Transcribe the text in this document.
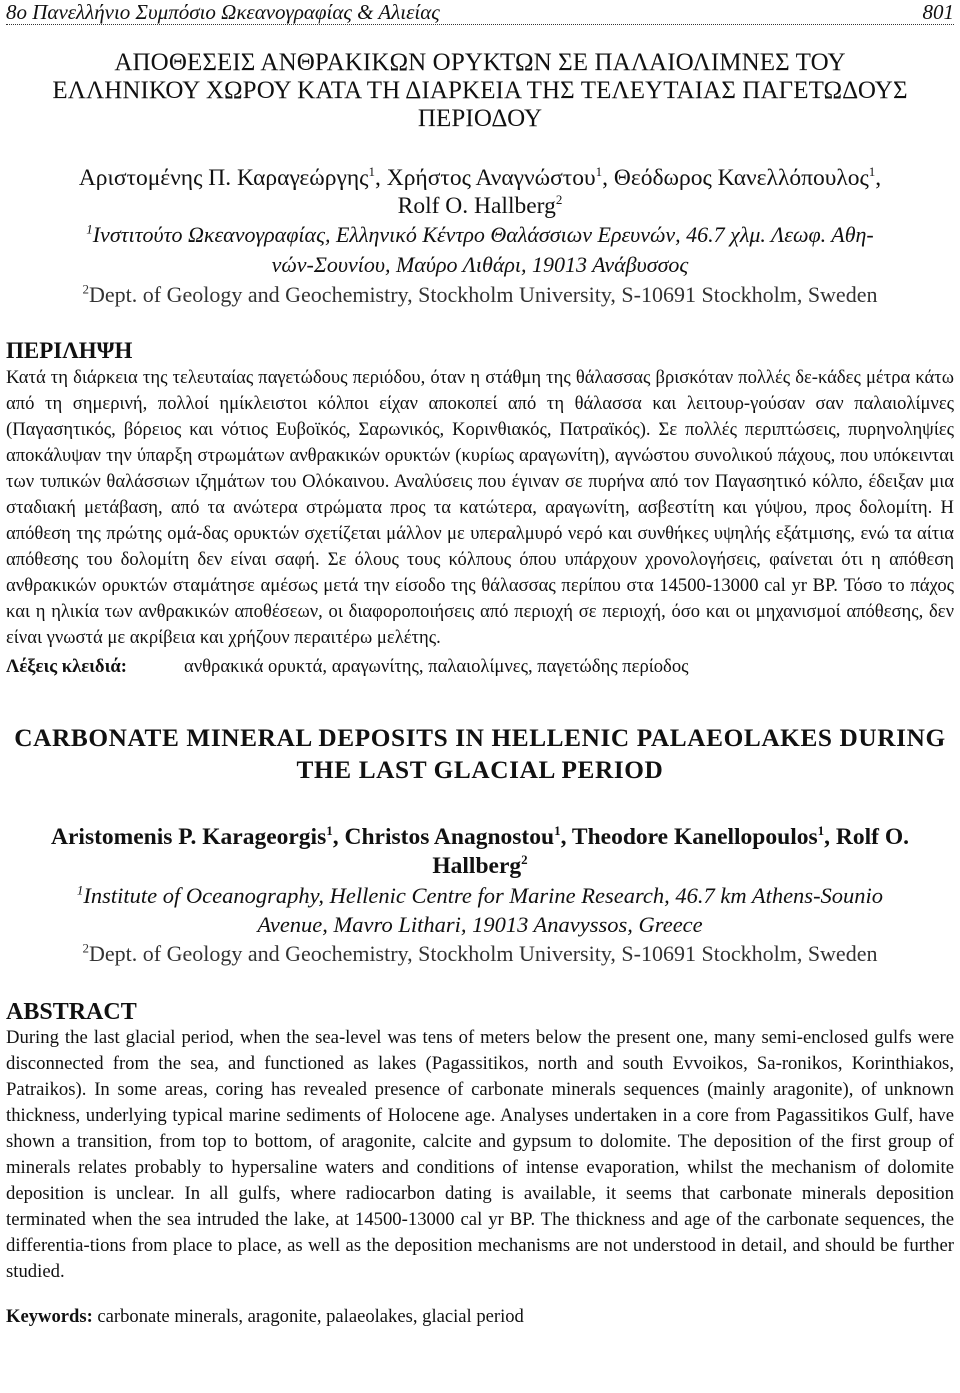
8ο Πανελλήνιο Συμπόσιο Ωκεανογραφίας & Αλιείας	801
ΑΠΟΘΕΣΕΙΣ ΑΝΘΡΑΚΙΚΩΝ ΟΡΥΚΤΩΝ ΣΕ ΠΑΛΑΙΟΛΙΜΝΕΣ ΤΟΥ
ΕΛΛΗΝΙΚΟΥ ΧΩΡΟΥ ΚΑΤΑ ΤΗ ΔΙΑΡΚΕΙΑ ΤΗΣ ΤΕΛΕΥΤΑΙΑΣ ΠΑΓΕΤΩΔΟΥΣ
ΠΕΡΙΟΔΟΥ
Αριστομένης Π. Καραγεώργης$^1$, Χρήστος Αναγνώστου$^1$, Θεόδωρος Κανελλόπουλος$^1$,
Rolf O. Hallberg$^2$
$^1$Ινστιτούτο Ωκεανογραφίας, Ελληνικό Κέντρο Θαλάσσιων Ερευνών, 46.7 χλμ. Λεωφ. Αθη-
νών-Σουνίου, Μαύρο Λιθάρι, 19013 Ανάβυσσος
$^2$Dept. of Geology and Geochemistry, Stockholm University, S-10691 Stockholm, Sweden
ΠΕΡΙΛΗΨΗ

Κατά τη διάρκεια της τελευταίας παγετώδους περιόδου, όταν η στάθμη της θάλασσας βρισκόταν πολλές δε-κάδες μέτρα κάτω από τη σημερινή, πολλοί ημίκλειστοι κόλποι είχαν αποκοπεί από τη θάλασσα και λειτουρ-γούσαν σαν παλαιολίμνες (Παγασητικός, βόρειος και νότιος Ευβοϊκός, Σαρωνικός, Κορινθιακός, Πατραϊκός). Σε πολλές περιπτώσεις, πυρηνοληψίες αποκάλυψαν την ύπαρξη στρωμάτων ανθρακικών ορυκτών (κυρίως αραγωνίτη), αγνώστου συνολικού πάχους, που υπόκεινται των τυπικών θαλάσσιων ιζημάτων του Ολόκαινου. Αναλύσεις που έγιναν σε πυρήνα από τον Παγασητικό κόλπο, έδειξαν μια σταδιακή μετάβαση, από τα ανώτερα στρώματα προς τα κατώτερα, αραγωνίτη, ασβεστίτη και γύψου, προς δολομίτη. Η απόθεση της πρώτης ομά-δας ορυκτών σχετίζεται μάλλον με υπεραλμυρό νερό και συνθήκες υψηλής εξάτμισης, ενώ τα αίτια απόθεσης του δολομίτη δεν είναι σαφή. Σε όλους τους κόλπους όπου υπάρχουν χρονολογήσεις, φαίνεται ότι η απόθεση ανθρακικών ορυκτών σταμάτησε αμέσως μετά την είσοδο της θάλασσας περίπου στα 14500-13000 cal yr BP. Τόσο το πάχος και η ηλικία των ανθρακικών αποθέσεων, οι διαφοροποιήσεις από περιοχή σε περιοχή, όσο και οι μηχανισμοί απόθεσης, δεν είναι γνωστά με ακρίβεια και χρήζουν περαιτέρω μελέτης.

Λέξεις κλειδιά:	ανθρακικά ορυκτά, αραγωνίτης, παλαιολίμνες, παγετώδης περίοδος
CARBONATE MINERAL DEPOSITS IN HELLENIC PALAEOLAKES DURING
THE LAST GLACIAL PERIOD
Aristomenis P. Karageorgis$^1$, Christos Anagnostou$^1$, Theodore Kanellopoulos$^1$, Rolf O.
Hallberg$^2$
$^1$Institute of Oceanography, Hellenic Centre for Marine Research, 46.7 km Athens-Sounio
Avenue, Mavro Lithari, 19013 Anavyssos, Greece
$^2$Dept. of Geology and Geochemistry, Stockholm University, S-10691 Stockholm, Sweden
ABSTRACT

During the last glacial period, when the sea-level was tens of meters below the present one, many semi-enclosed gulfs were disconnected from the sea, and functioned as lakes (Pagassitikos, north and south Evvoikos, Sa-ronikos, Korinthiakos, Patraikos). In some areas, coring has revealed presence of carbonate minerals sequences (mainly aragonite), of unknown thickness, underlying typical marine sediments of Holocene age. Analyses undertaken in a core from Pagassitikos Gulf, have shown a transition, from top to bottom, of aragonite, calcite and gypsum to dolomite. The deposition of the first group of minerals relates probably to hypersaline waters and conditions of intense evaporation, whilst the mechanism of dolomite deposition is unclear. In all gulfs, where radiocarbon dating is available, it seems that carbonate minerals deposition terminated when the sea intruded the lake, at 14500-13000 cal yr BP. The thickness and age of the carbonate sequences, the differentia-tions from place to place, as well as the deposition mechanisms are not understood in detail, and should be further studied.

Keywords: carbonate minerals, aragonite, palaeolakes, glacial period
